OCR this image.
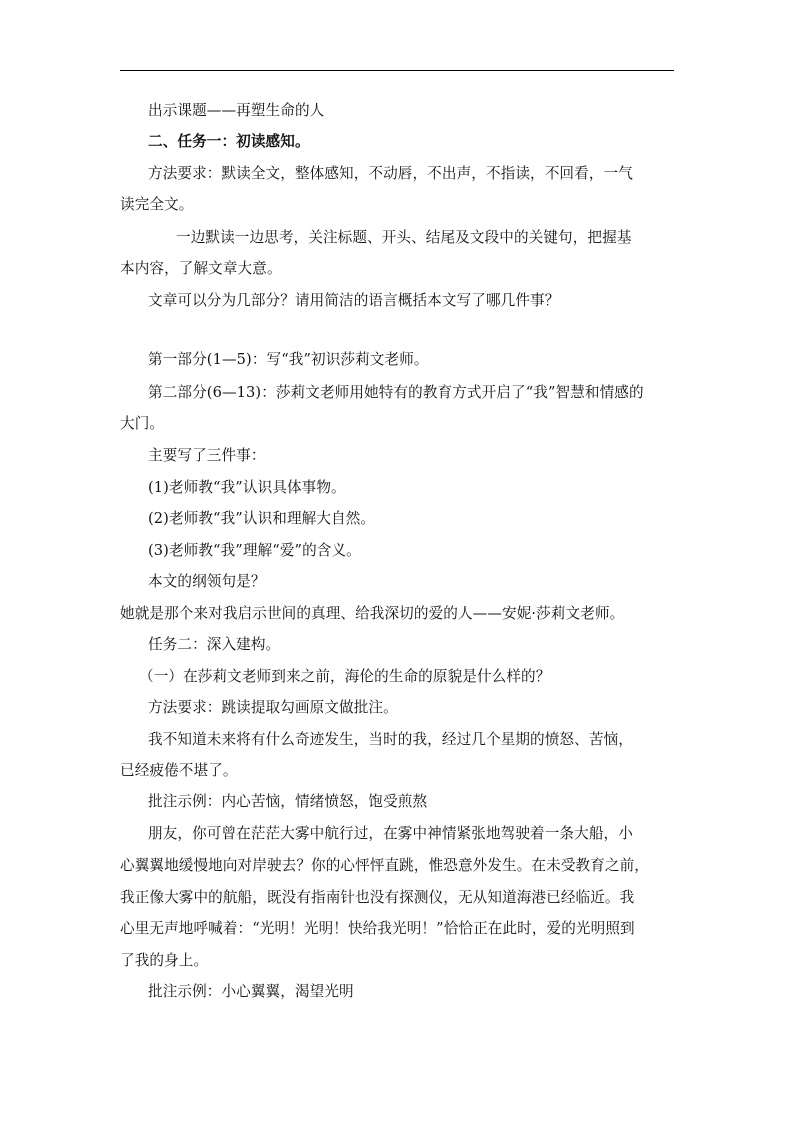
出示课题——再塑生命的人
二、任务一：初读感知。
方法要求：默读全文，整体感知，不动唇，不出声，不指读，不回看，一气
读完全文。
一边默读一边思考，关注标题、开头、结尾及文段中的关键句，把握基
本内容，了解文章大意。
文章可以分为几部分？请用简洁的语言概括本文写了哪几件事？
第一部分(1—5)：写“我”初识莎莉文老师。
第二部分(6—13)：莎莉文老师用她特有的教育方式开启了“我”智慧和情感的
大门。
主要写了三件事：
(1)老师教“我”认识具体事物。
(2)老师教“我”认识和理解大自然。
(3)老师教“我”理解“爱”的含义。
本文的纲领句是？
她就是那个来对我启示世间的真理、给我深切的爱的人——安妮·莎莉文老师。
任务二：深入建构。
（一）在莎莉文老师到来之前，海伦的生命的原貌是什么样的？
方法要求：跳读提取勾画原文做批注。
我不知道未来将有什么奇迹发生，当时的我，经过几个星期的愤怒、苦恼，
已经疲倦不堪了。
批注示例：内心苦恼，情绪愤怒，饱受煎熬
朋友，你可曾在茫茫大雾中航行过，在雾中神情紧张地驾驶着一条大船，小
心翼翼地缓慢地向对岸驶去？你的心怦怦直跳，惟恐意外发生。在未受教育之前，
我正像大雾中的航船，既没有指南针也没有探测仪，无从知道海港已经临近。我
心里无声地呼喊着：“光明！光明！快给我光明！”恰恰正在此时，爱的光明照到
了我的身上。
批注示例：小心翼翼，渴望光明
